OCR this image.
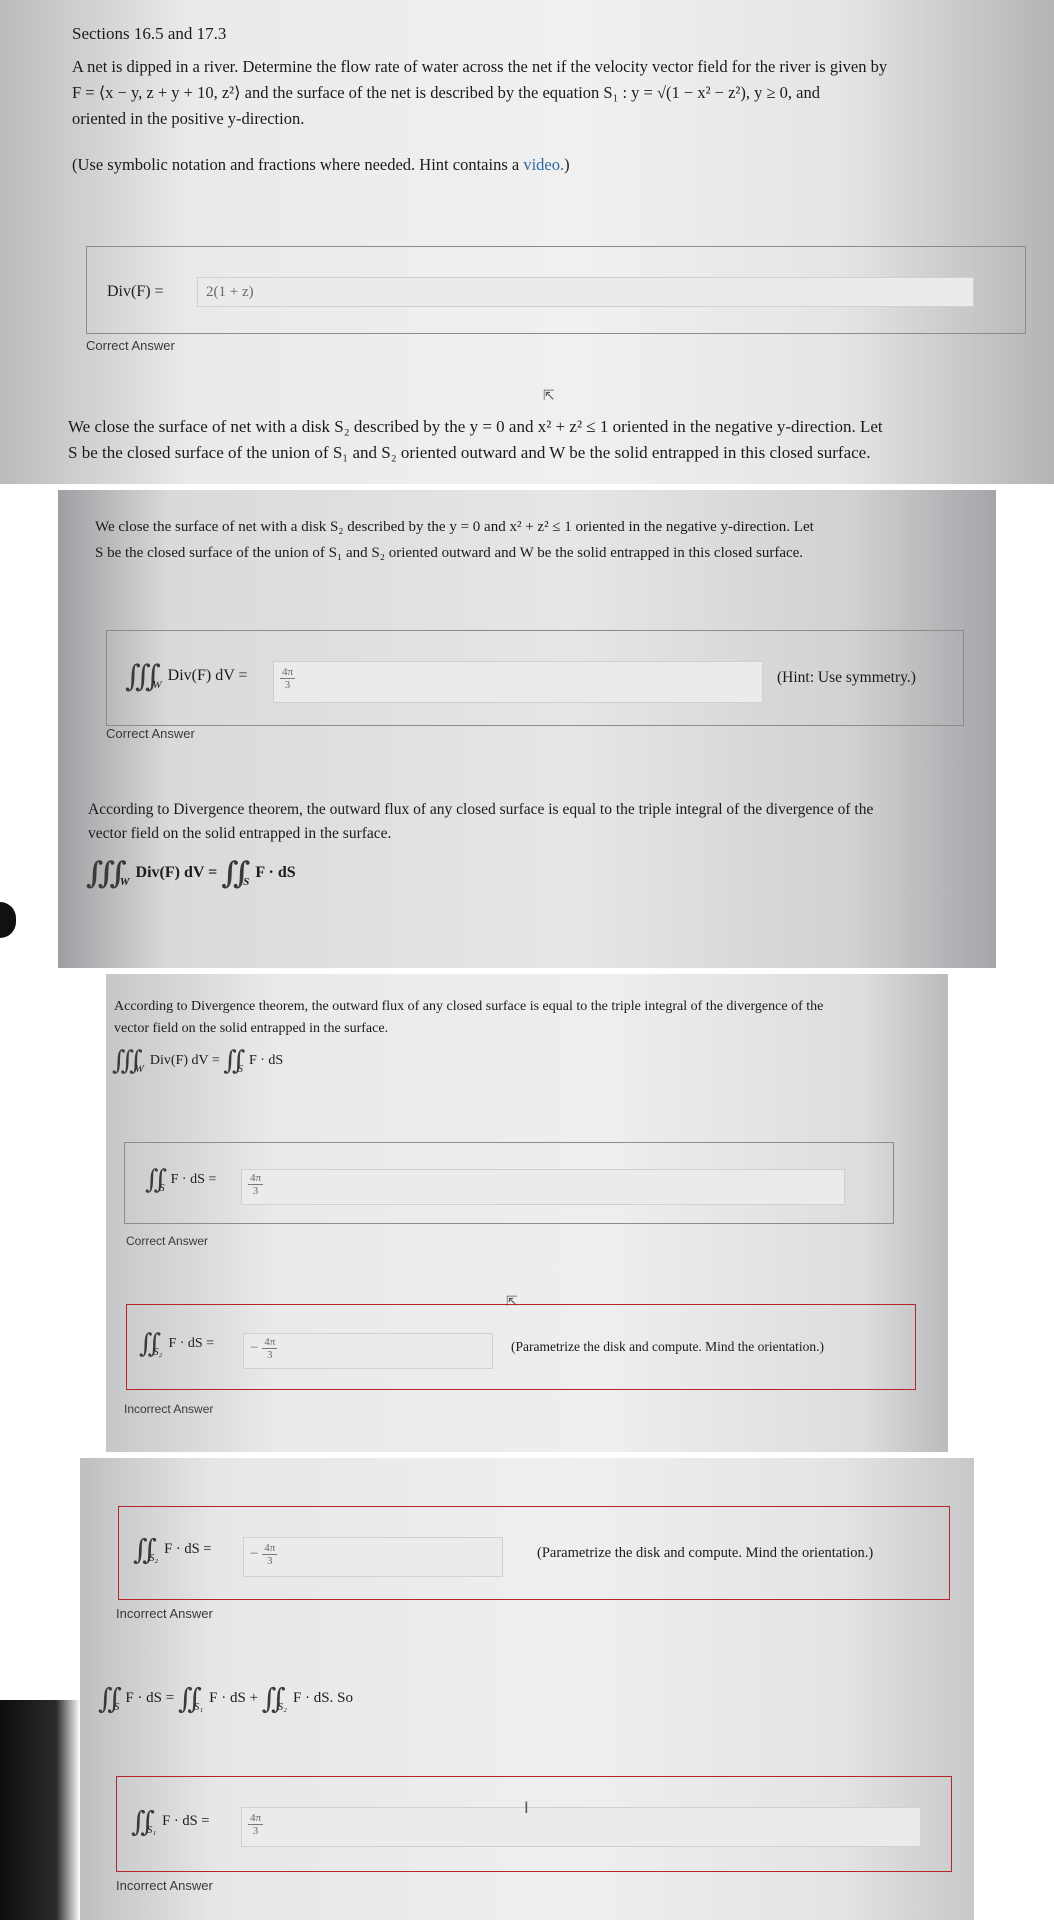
Sections 16.5 and 17.3
A net is dipped in a river. Determine the flow rate of water across the net if the velocity vector field for the river is given by
F = ⟨x − y, z + y + 10, z²⟩ and the surface of the net is described by the equation S₁ : y = √(1 − x² − z²), y ≥ 0, and
oriented in the positive y-direction.
(Use symbolic notation and fractions where needed. Hint contains a video.)
Div(F) =	2(1 + z)
Correct Answer
⇱
We close the surface of net with a disk S₂ described by the y = 0 and x² + z² ≤ 1 oriented in the negative y-direction. Let
S be the closed surface of the union of S₁ and S₂ oriented outward and W be the solid entrapped in this closed surface.
We close the surface of net with a disk S₂ described by the y = 0 and x² + z² ≤ 1 oriented in the negative y-direction. Let
S be the closed surface of the union of S₁ and S₂ oriented outward and W be the solid entrapped in this closed surface.
∭ $_W$Div(F) dV =	$\frac{4\pi}{3}$	(Hint: Use symmetry.)
Correct Answer
According to Divergence theorem, the outward flux of any closed surface is equal to the triple integral of the divergence of the
vector field on the solid entrapped in the surface.
∭ $_W$Div(F) dV = ∬ $_S$F · dS
According to Divergence theorem, the outward flux of any closed surface is equal to the triple integral of the divergence of the
vector field on the solid entrapped in the surface.
∭ $_W$Div(F) dV = ∬ $_S$F · dS
∬ $_S$F · dS =	$\frac{4\pi}{3}$
Correct Answer
⇱
∬ $_{S_2}$F · dS =	− $\frac{4\pi}{3}$	(Parametrize the disk and compute. Mind the orientation.)
Incorrect Answer
∬ $_{S_2}$F · dS =	− $\frac{4\pi}{3}$	(Parametrize the disk and compute. Mind the orientation.)
Incorrect Answer
∬ $_S$F · dS = ∬ $_{S_1}$F · dS + ∬ $_{S_2}$F · dS. So
∬ $_{S_1}$F · dS =	$\frac{4\pi}{3}$
I
Incorrect Answer
